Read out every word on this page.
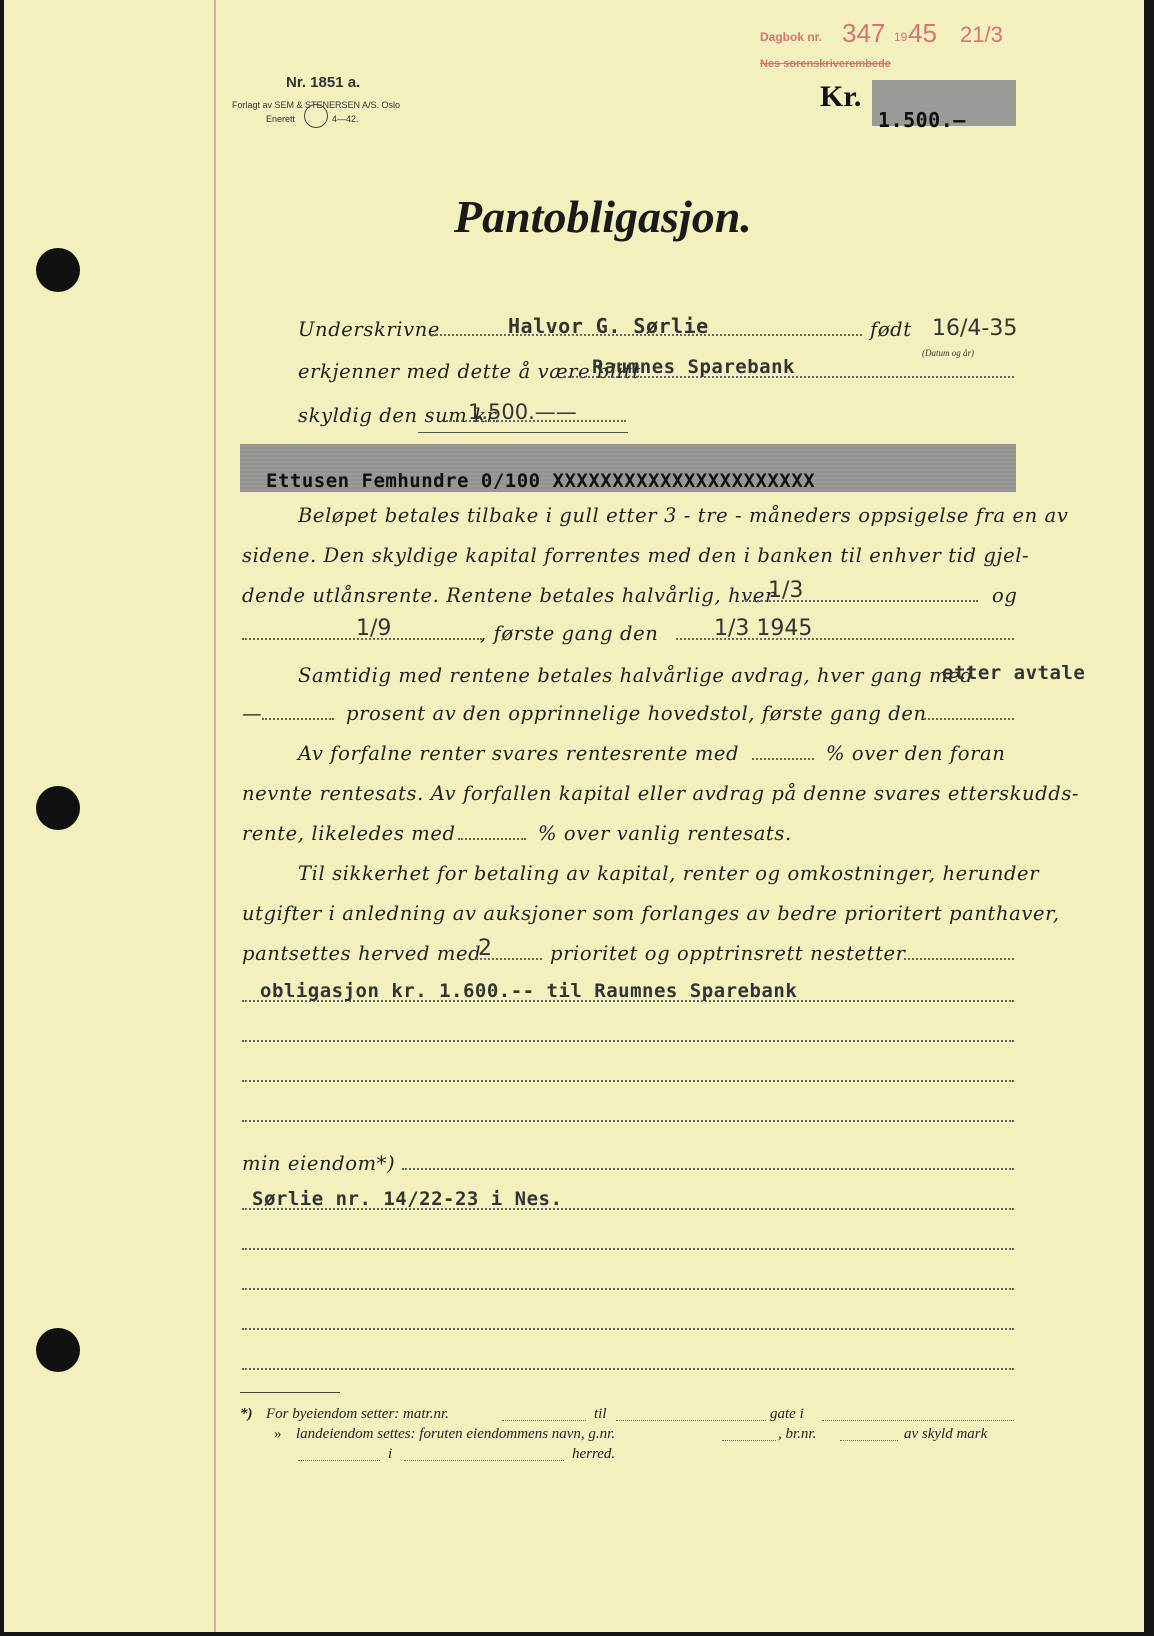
Nr. 1851 a.
Forlagt av SEM & STENERSEN A/S. Oslo
Enerett	4—42.
Dagbok nr. 347 19 45 21/3
Nes sorenskriverembede
Kr.
1.500.—
Pantobligasjon.
Underskrivne	Halvor G. Sørlie	født 16/4-35
(Datum og år)
erkjenner med dette å være blitt
Raumnes Sparebank
skyldig den sum kr.
1.500.——
Ettusen Femhundre 0/100 XXXXXXXXXXXXXXXXXXXXXX
Beløpet betales tilbake i gull etter 3 - tre - måneders oppsigelse fra en av
sidene. Den skyldige kapital forrentes med den i banken til enhver tid gjel-
dende utlånsrente. Rentene betales halvårlig, hver
1/3	og
1/9	, første gang den	1/3 1945
Samtidig med rentene betales halvårlige avdrag, hver gang med
etter avtale
—	prosent av den opprinnelige hovedstol, første gang den
Av forfalne renter svares rentesrente med	% over den foran
nevnte rentesats. Av forfallen kapital eller avdrag på denne svares etterskudds-
rente, likeledes med	% over vanlig rentesats.
Til sikkerhet for betaling av kapital, renter og omkostninger, herunder
utgifter i anledning av auksjoner som forlanges av bedre prioritert panthaver,
pantsettes herved med
2	prioritet og opptrinsrett nestetter
obligasjon kr. 1.600.-- til Raumnes Sparebank
min eiendom*)
Sørlie nr. 14/22-23 i Nes.
*) For byeiendom setter: matr.nr.	til	gate i
» landeiendom settes: foruten eiendommens navn, g.nr.	, br.nr.	av skyld mark
i	herred.
